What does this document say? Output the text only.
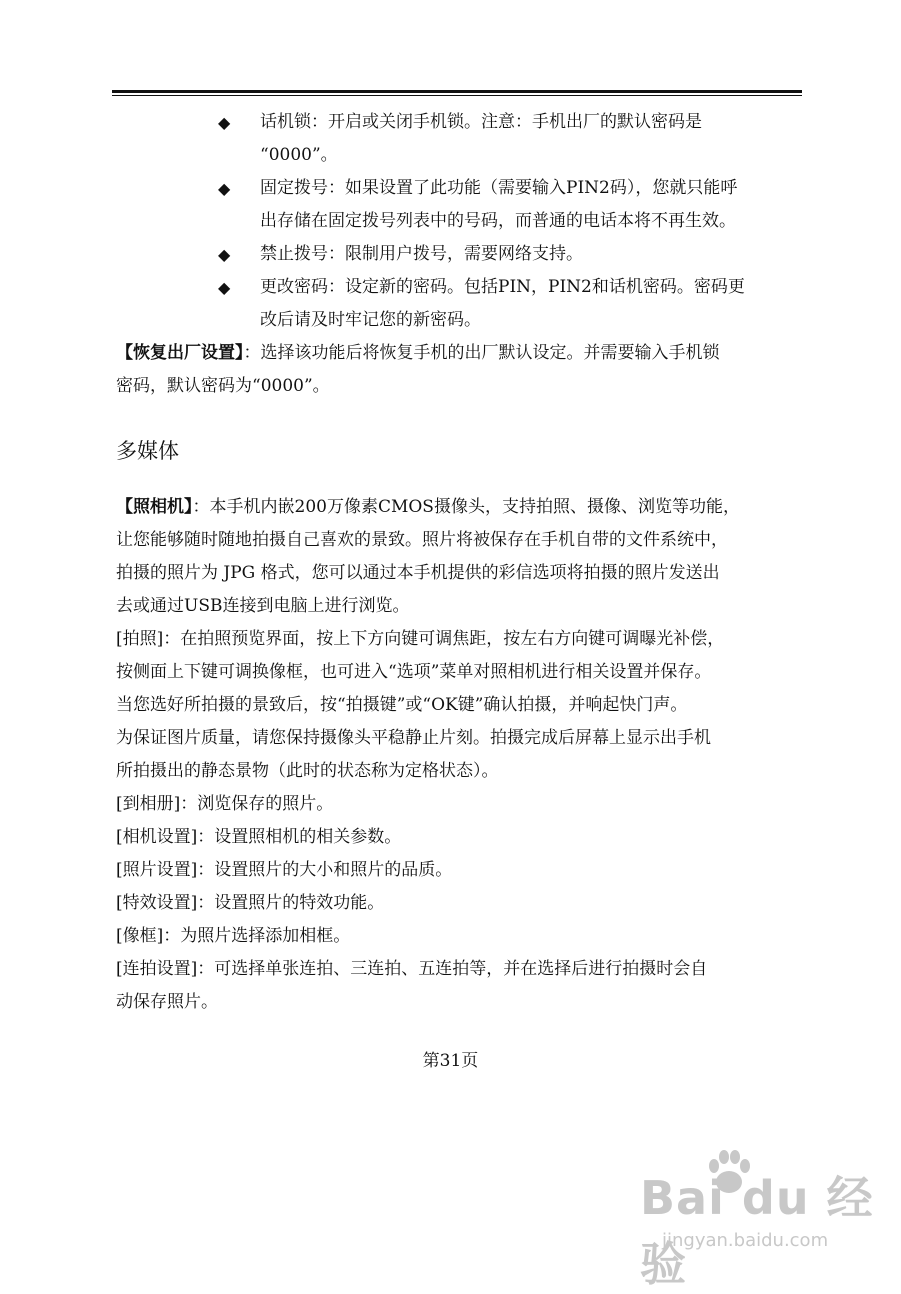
◆ 话机锁：开启或关闭手机锁。注意：手机出厂的默认密码是
“0000”。
◆ 固定拨号：如果设置了此功能（需要输入PIN2码），您就只能呼
出存储在固定拨号列表中的号码，而普通的电话本将不再生效。
◆ 禁止拨号：限制用户拨号，需要网络支持。
◆ 更改密码：设定新的密码。包括PIN，PIN2和话机密码。密码更
改后请及时牢记您的新密码。
【恢复出厂设置】：选择该功能后将恢复手机的出厂默认设定。并需要输入手机锁
密码，默认密码为“0000”。
多媒体
【照相机】：本手机内嵌200万像素CMOS摄像头，支持拍照、摄像、浏览等功能，
让您能够随时随地拍摄自己喜欢的景致。照片将被保存在手机自带的文件系统中，
拍摄的照片为 JPG 格式，您可以通过本手机提供的彩信选项将拍摄的照片发送出
去或通过USB连接到电脑上进行浏览。
[拍照]：在拍照预览界面，按上下方向键可调焦距，按左右方向键可调曝光补偿，
按侧面上下键可调换像框，也可进入“选项”菜单对照相机进行相关设置并保存。
当您选好所拍摄的景致后，按“拍摄键”或“OK键”确认拍摄，并响起快门声。
为保证图片质量，请您保持摄像头平稳静止片刻。拍摄完成后屏幕上显示出手机
所拍摄出的静态景物（此时的状态称为定格状态）。
[到相册]：浏览保存的照片。
[相机设置]：设置照相机的相关参数。
[照片设置]：设置照片的大小和照片的品质。
[特效设置]：设置照片的特效功能。
[像框]：为照片选择添加相框。
[连拍设置]：可选择单张连拍、三连拍、五连拍等，并在选择后进行拍摄时会自
动保存照片。
第31页
Bai du 经验
jingyan.baidu.com
